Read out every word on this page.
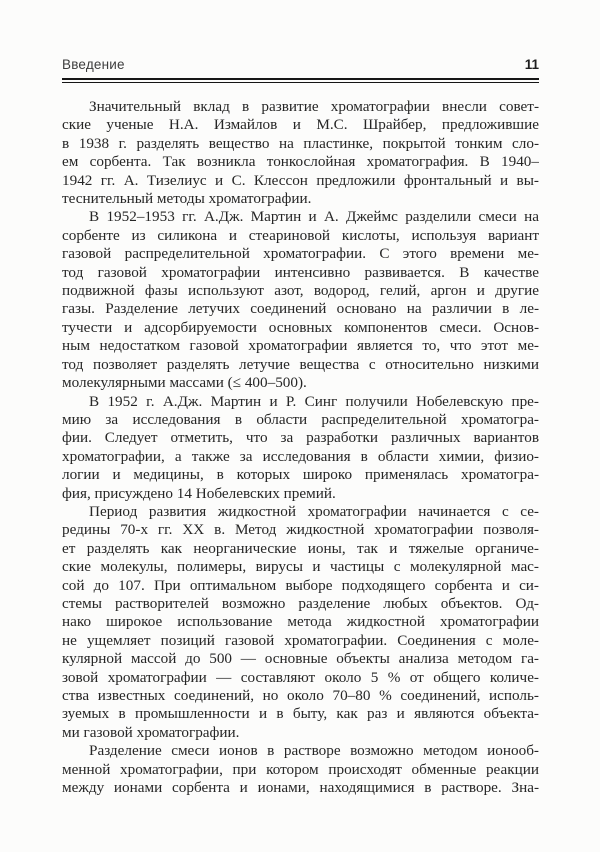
Введение	11
Значительный вклад в развитие хроматографии внесли совет-
ские ученые Н.А. Измайлов и М.С. Шрайбер, предложившие
в 1938 г. разделять вещество на пластинке, покрытой тонким сло-
ем сорбента. Так возникла тонкослойная хроматография. В 1940–
1942 гг. А. Тизелиус и С. Клессон предложили фронтальный и вы-
теснительный методы хроматографии.
В 1952–1953 гг. А.Дж. Мартин и А. Джеймс разделили смеси на
сорбенте из силикона и стеариновой кислоты, используя вариант
газовой распределительной хроматографии. С этого времени ме-
тод газовой хроматографии интенсивно развивается. В качестве
подвижной фазы используют азот, водород, гелий, аргон и другие
газы. Разделение летучих соединений основано на различии в ле-
тучести и адсорбируемости основных компонентов смеси. Основ-
ным недостатком газовой хроматографии является то, что этот ме-
тод позволяет разделять летучие вещества с относительно низкими
молекулярными массами (≤ 400–500).
В 1952 г. А.Дж. Мартин и Р. Синг получили Нобелевскую пре-
мию за исследования в области распределительной хроматогра-
фии. Следует отметить, что за разработки различных вариантов
хроматографии, а также за исследования в области химии, физио-
логии и медицины, в которых широко применялась хроматогра-
фия, присуждено 14 Нобелевских премий.
Период развития жидкостной хроматографии начинается с се-
редины 70-х гг. XX в. Метод жидкостной хроматографии позволя-
ет разделять как неорганические ионы, так и тяжелые органиче-
ские молекулы, полимеры, вирусы и частицы с молекулярной мас-
сой до 107. При оптимальном выборе подходящего сорбента и си-
стемы растворителей возможно разделение любых объектов. Од-
нако широкое использование метода жидкостной хроматографии
не ущемляет позиций газовой хроматографии. Соединения с моле-
кулярной массой до 500 — основные объекты анализа методом га-
зовой хроматографии — составляют около 5 % от общего количе-
ства известных соединений, но около 70–80 % соединений, исполь-
зуемых в промышленности и в быту, как раз и являются объекта-
ми газовой хроматографии.
Разделение смеси ионов в растворе возможно методом ионооб-
менной хроматографии, при котором происходят обменные реакции
между ионами сорбента и ионами, находящимися в растворе. Зна-
